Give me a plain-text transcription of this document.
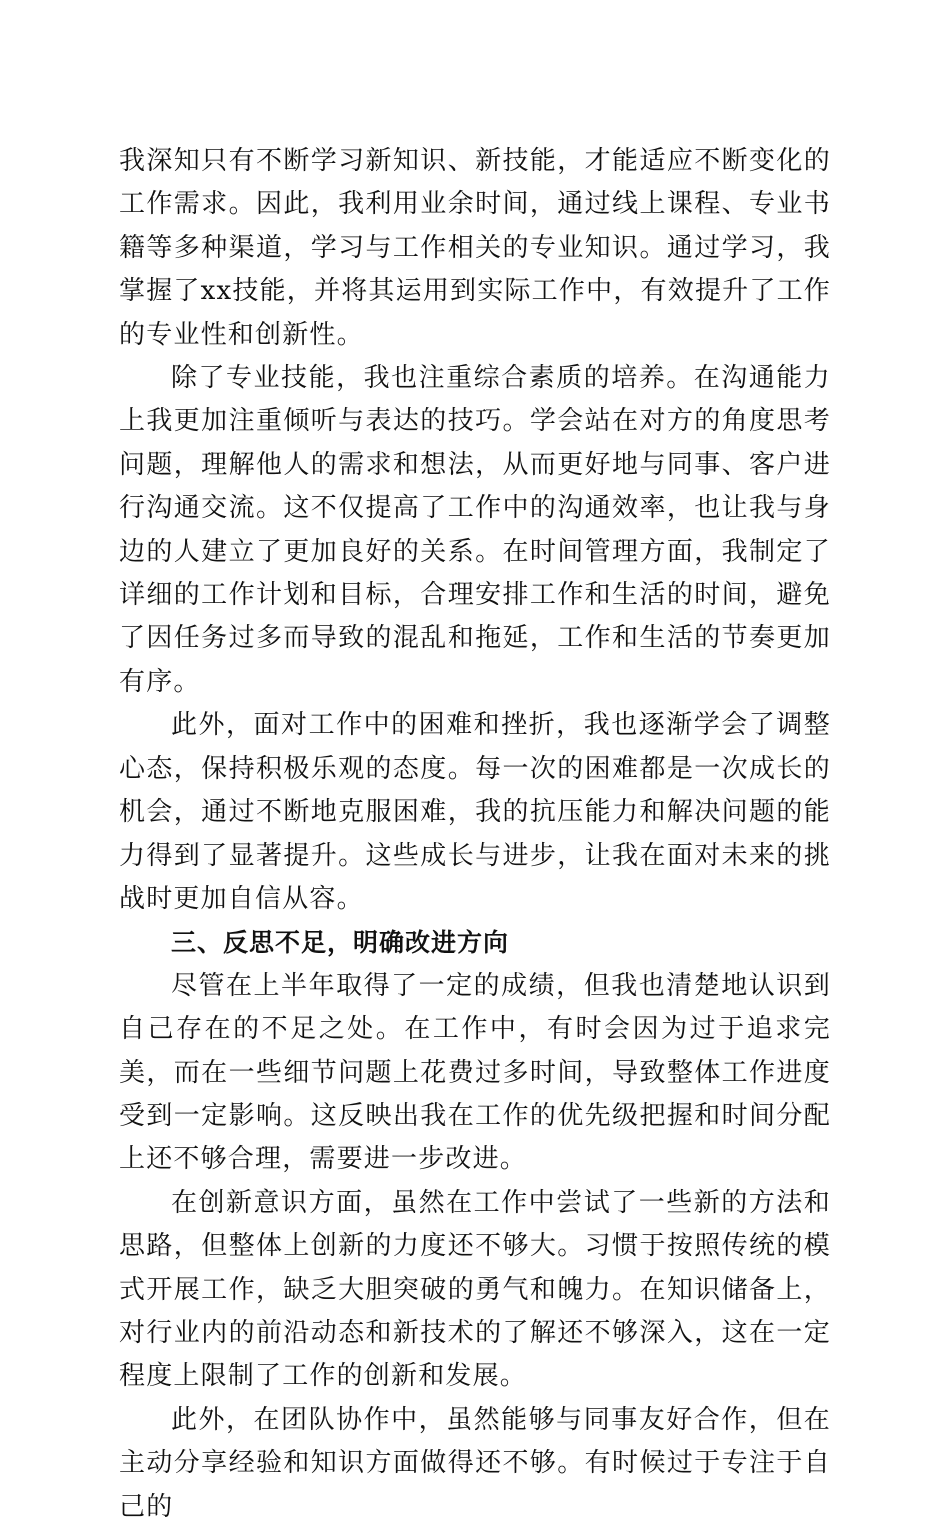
我深知只有不断学习新知识、新技能，才能适应不断变化的工作需求。因此，我利用业余时间，通过线上课程、专业书籍等多种渠道，学习与工作相关的专业知识。通过学习，我掌握了xx技能，并将其运用到实际工作中，有效提升了工作的专业性和创新性。

除了专业技能，我也注重综合素质的培养。在沟通能力上我更加注重倾听与表达的技巧。学会站在对方的角度思考问题，理解他人的需求和想法，从而更好地与同事、客户进行沟通交流。这不仅提高了工作中的沟通效率，也让我与身边的人建立了更加良好的关系。在时间管理方面，我制定了详细的工作计划和目标，合理安排工作和生活的时间，避免了因任务过多而导致的混乱和拖延，工作和生活的节奏更加有序。

此外，面对工作中的困难和挫折，我也逐渐学会了调整心态，保持积极乐观的态度。每一次的困难都是一次成长的机会，通过不断地克服困难，我的抗压能力和解决问题的能力得到了显著提升。这些成长与进步，让我在面对未来的挑战时更加自信从容。

三、反思不足，明确改进方向

尽管在上半年取得了一定的成绩，但我也清楚地认识到自己存在的不足之处。在工作中，有时会因为过于追求完美，而在一些细节问题上花费过多时间，导致整体工作进度受到一定影响。这反映出我在工作的优先级把握和时间分配上还不够合理，需要进一步改进。

在创新意识方面，虽然在工作中尝试了一些新的方法和思路，但整体上创新的力度还不够大。习惯于按照传统的模式开展工作，缺乏大胆突破的勇气和魄力。在知识储备上，对行业内的前沿动态和新技术的了解还不够深入，这在一定程度上限制了工作的创新和发展。

此外，在团队协作中，虽然能够与同事友好合作，但在主动分享经验和知识方面做得还不够。有时候过于专注于自己的
